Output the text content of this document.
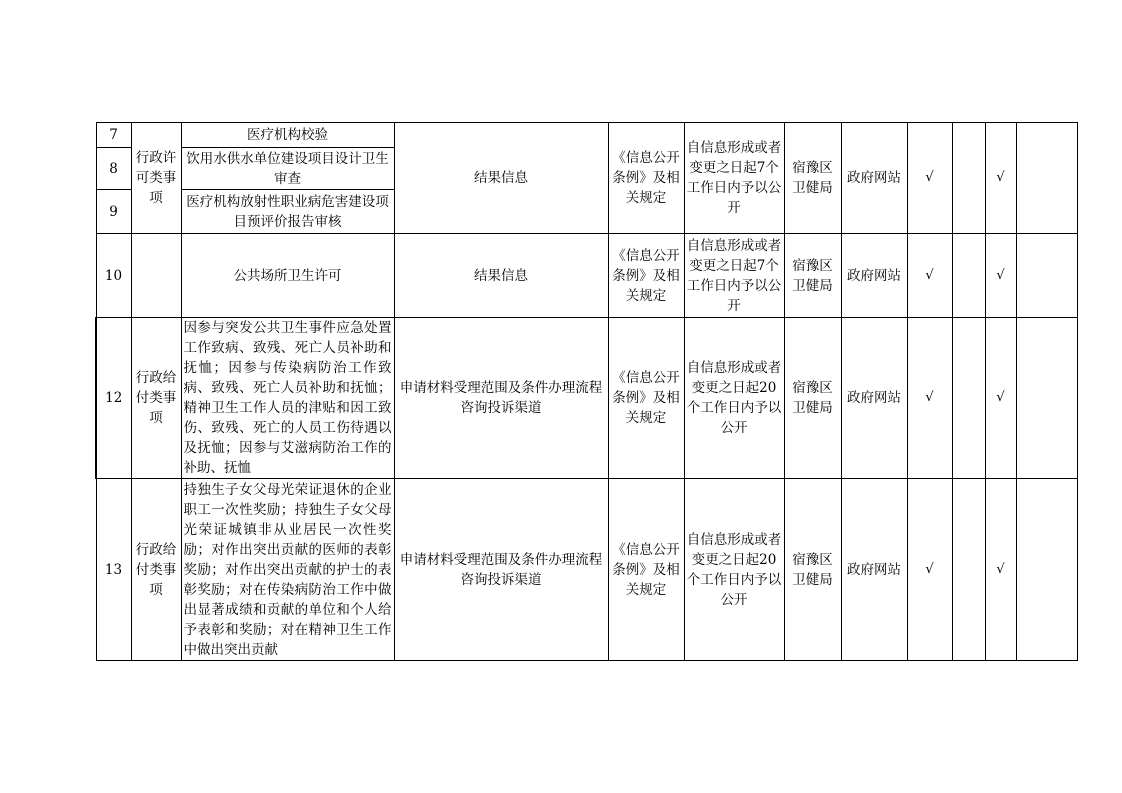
7	行政许可类事项	医疗机构校验	结果信息	《信息公开条例》及相关规定	自信息形成或者变更之日起7个工作日内予以公开	宿豫区卫健局	政府网站	√		√	
8		饮用水供水单位建设项目设计卫生审查									
9		医疗机构放射性职业病危害建设项目预评价报告审核									
10		公共场所卫生许可	结果信息	《信息公开条例》及相关规定	自信息形成或者变更之日起7个工作日内予以公开	宿豫区卫健局	政府网站	√		√	
12	行政给付类事项	因参与突发公共卫生事件应急处置工作致病、致残、死亡人员补助和抚恤；因参与传染病防治工作致病、致残、死亡人员补助和抚恤；精神卫生工作人员的津贴和因工致伤、致残、死亡的人员工伤待遇以及抚恤；因参与艾滋病防治工作的补助、抚恤	申请材料受理范围及条件办理流程咨询投诉渠道	《信息公开条例》及相关规定	自信息形成或者变更之日起20个工作日内予以公开	宿豫区卫健局	政府网站	√		√	
13	行政给付类事项	持独生子女父母光荣证退休的企业职工一次性奖励；持独生子女父母光荣证城镇非从业居民一次性奖励；对作出突出贡献的医师的表彰奖励；对作出突出贡献的护士的表彰奖励；对在传染病防治工作中做出显著成绩和贡献的单位和个人给予表彰和奖励；对在精神卫生工作中做出突出贡献	申请材料受理范围及条件办理流程咨询投诉渠道	《信息公开条例》及相关规定	自信息形成或者变更之日起20个工作日内予以公开	宿豫区卫健局	政府网站	√		√	
